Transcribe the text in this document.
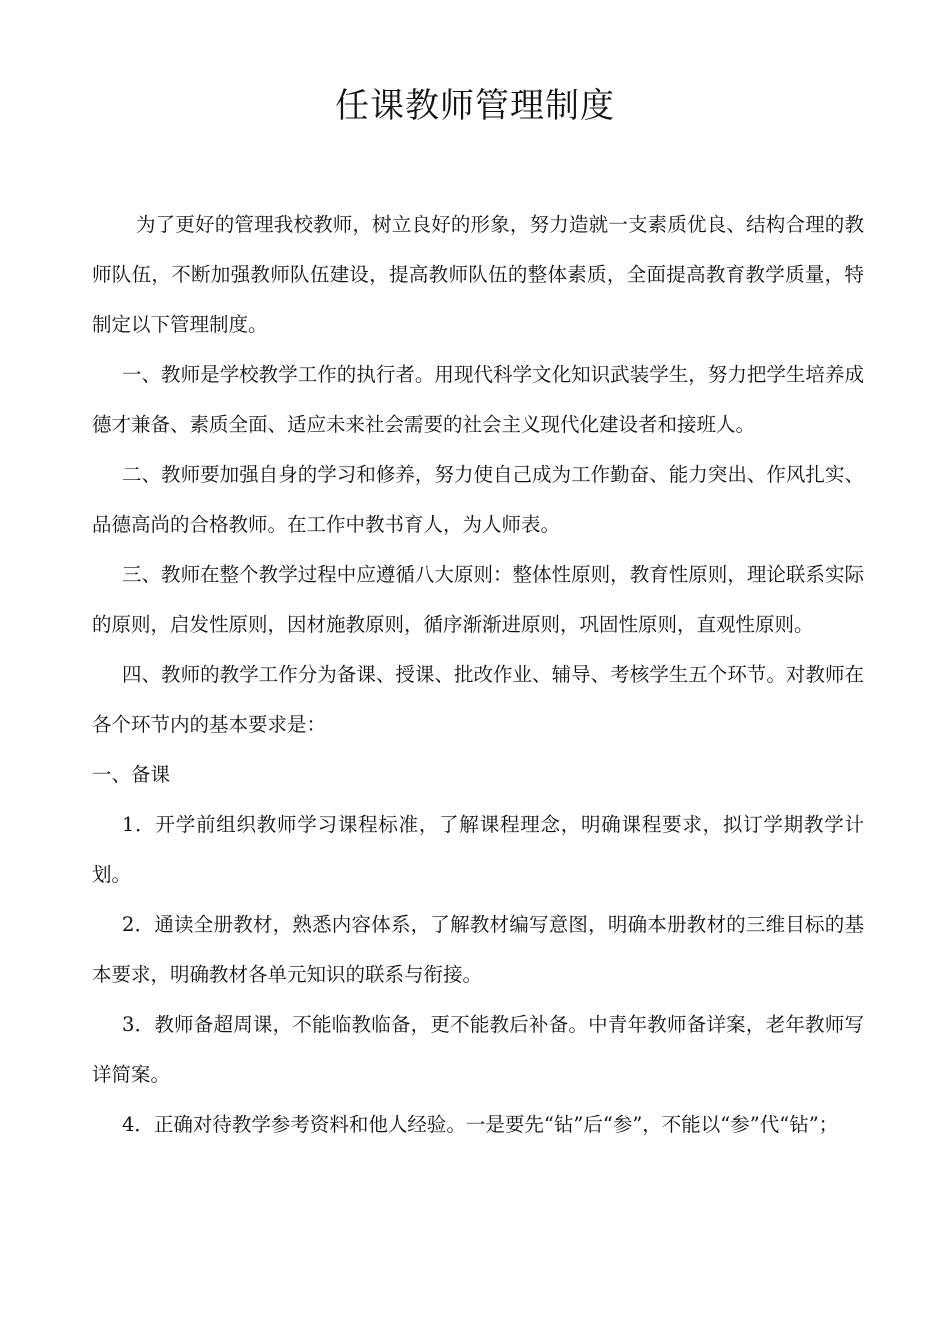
任课教师管理制度

为了更好的管理我校教师，树立良好的形象，努力造就一支素质优良、结构合理的教师队伍，不断加强教师队伍建设，提高教师队伍的整体素质，全面提高教育教学质量，特制定以下管理制度。

一、教师是学校教学工作的执行者。用现代科学文化知识武装学生，努力把学生培养成德才兼备、素质全面、适应未来社会需要的社会主义现代化建设者和接班人。

二、教师要加强自身的学习和修养，努力使自己成为工作勤奋、能力突出、作风扎实、品德高尚的合格教师。在工作中教书育人，为人师表。

三、教师在整个教学过程中应遵循八大原则：整体性原则，教育性原则，理论联系实际的原则，启发性原则，因材施教原则，循序渐渐进原则，巩固性原则，直观性原则。

四、教师的教学工作分为备课、授课、批改作业、辅导、考核学生五个环节。对教师在各个环节内的基本要求是：

一、备课

1．开学前组织教师学习课程标准，了解课程理念，明确课程要求，拟订学期教学计划。

2．通读全册教材，熟悉内容体系，了解教材编写意图，明确本册教材的三维目标的基本要求，明确教材各单元知识的联系与衔接。

3．教师备超周课，不能临教临备，更不能教后补备。中青年教师备详案，老年教师写详简案。

4．正确对待教学参考资料和他人经验。一是要先“钻”后“参”，不能以“参”代“钻”；
